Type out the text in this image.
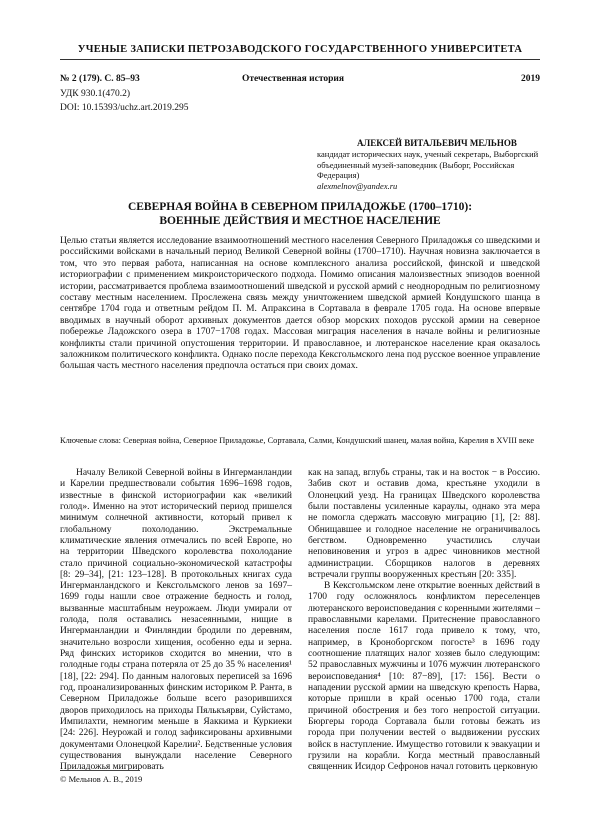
УЧЕНЫЕ ЗАПИСКИ ПЕТРОЗАВОДСКОГО ГОСУДАРСТВЕННОГО УНИВЕРСИТЕТА
№ 2 (179). С. 85–93	Отечественная история	2019
УДК 930.1(470.2)
DOI: 10.15393/uchz.art.2019.295
АЛЕКСЕЙ ВИТАЛЬЕВИЧ МЕЛЬНОВ
кандидат исторических наук, ученый секретарь, Выборгский объединенный музей-заповедник (Выборг, Российская Федерация)
alexmelnov@yandex.ru
СЕВЕРНАЯ ВОЙНА В СЕВЕРНОМ ПРИЛАДОЖЬЕ (1700–1710):
ВОЕННЫЕ ДЕЙСТВИЯ И МЕСТНОЕ НАСЕЛЕНИЕ
Целью статьи является исследование взаимоотношений местного населения Северного Приладожья со шведскими и российскими войсками в начальный период Великой Северной войны (1700–1710). Научная новизна заключается в том, что это первая работа, написанная на основе комплексного анализа российской, финской и шведской историографии с применением микроисторического подхода. Помимо описания малоизвестных эпизодов военной истории, рассматривается проблема взаимоотношений шведской и русской армий с неоднородным по религиозному составу местным населением. Прослежена связь между уничтожением шведской армией Кондушского шанца в сентябре 1704 года и ответным рейдом П. М. Апраксина в Сортавала в феврале 1705 года. На основе впервые вводимых в научный оборот архивных документов дается обзор морских походов русской армии на северное побережье Ладожского озера в 1707−1708 годах. Массовая миграция населения в начале войны и религиозные конфликты стали причиной опустошения территории. И православное, и лютеранское население края оказалось заложником политического конфликта. Однако после перехода Кексгольмского лена под русское военное управление большая часть местного населения предпочла остаться при своих домах.
Ключевые слова: Северная война, Северное Приладожье, Сортавала, Салми, Кондушский шанец, малая война, Карелия в XVIII веке

Началу Великой Северной войны в Ингерманландии и Карелии предшествовали события 1696–1698 годов, известные в финской историографии как «великий голод». Именно на этот исторический период пришелся минимум солнечной активности, который привел к глобальному похолоданию. Экстремальные климатические явления отмечались по всей Европе, но на территории Шведского королевства похолодание стало причиной социально-экономической катастрофы [8: 29–34], [21: 123–128]. В протокольных книгах суда Ингерманландского и Кексгольмского ленов за 1697–1699 годы нашли свое отражение бедность и голод, вызванные масштабным неурожаем. Люди умирали от голода, поля оставались незасеянными, нищие в Ингерманландии и Финляндии бродили по деревням, значительно возросли хищения, особенно еды и зерна. Ряд финских историков сходится во мнении, что в голодные годы страна потеряла от 25 до 35 % населения¹ [18], [22: 294]. По данным налоговых переписей за 1696 год, проанализированных финским историком Р. Ранта, в Северном Приладожье больше всего разорившихся дворов приходилось на приходы Пялькъярви, Суйстамо, Импилахти, немногим меньше в Яаккима и Куркиеки [24: 226]. Неурожай и голод зафиксированы архивными документами Олонецкой Карелии². Бедственные условия существования вынуждали население Северного Приладожья мигрировать

как на запад, вглубь страны, так и на восток − в Россию. Забив скот и оставив дома, крестьяне уходили в Олонецкий уезд. На границах Шведского королевства были поставлены усиленные караулы, однако эта мера не помогла сдержать массовую миграцию [1], [2: 88]. Обнищавшее и голодное население не ограничивалось бегством. Одновременно участились случаи неповиновения и угроз в адрес чиновников местной администрации. Сборщиков налогов в деревнях встречали группы вооруженных крестьян [20: 335].

В Кексгольмском лене открытие военных действий в 1700 году осложнялось конфликтом переселенцев лютеранского вероисповедания с коренными жителями – православными карелами. Притеснение православного населения после 1617 года привело к тому, что, например, в Кроноборгском погосте³ в 1696 году соотношение платящих налог хозяев было следующим: 52 православных мужчины и 1076 мужчин лютеранского вероисповедания⁴ [10: 87−89], [17: 156]. Вести о нападении русской армии на шведскую крепость Нарва, которые пришли в край осенью 1700 года, стали причиной обострения и без того непростой ситуации. Бюргеры города Сортавала были готовы бежать из города при получении вестей о выдвижении русских войск в наступление. Имущество готовили к эвакуации и грузили на корабли. Когда местный православный священник Исидор Сефронов начал готовить церковную

© Мельнов А. В., 2019
